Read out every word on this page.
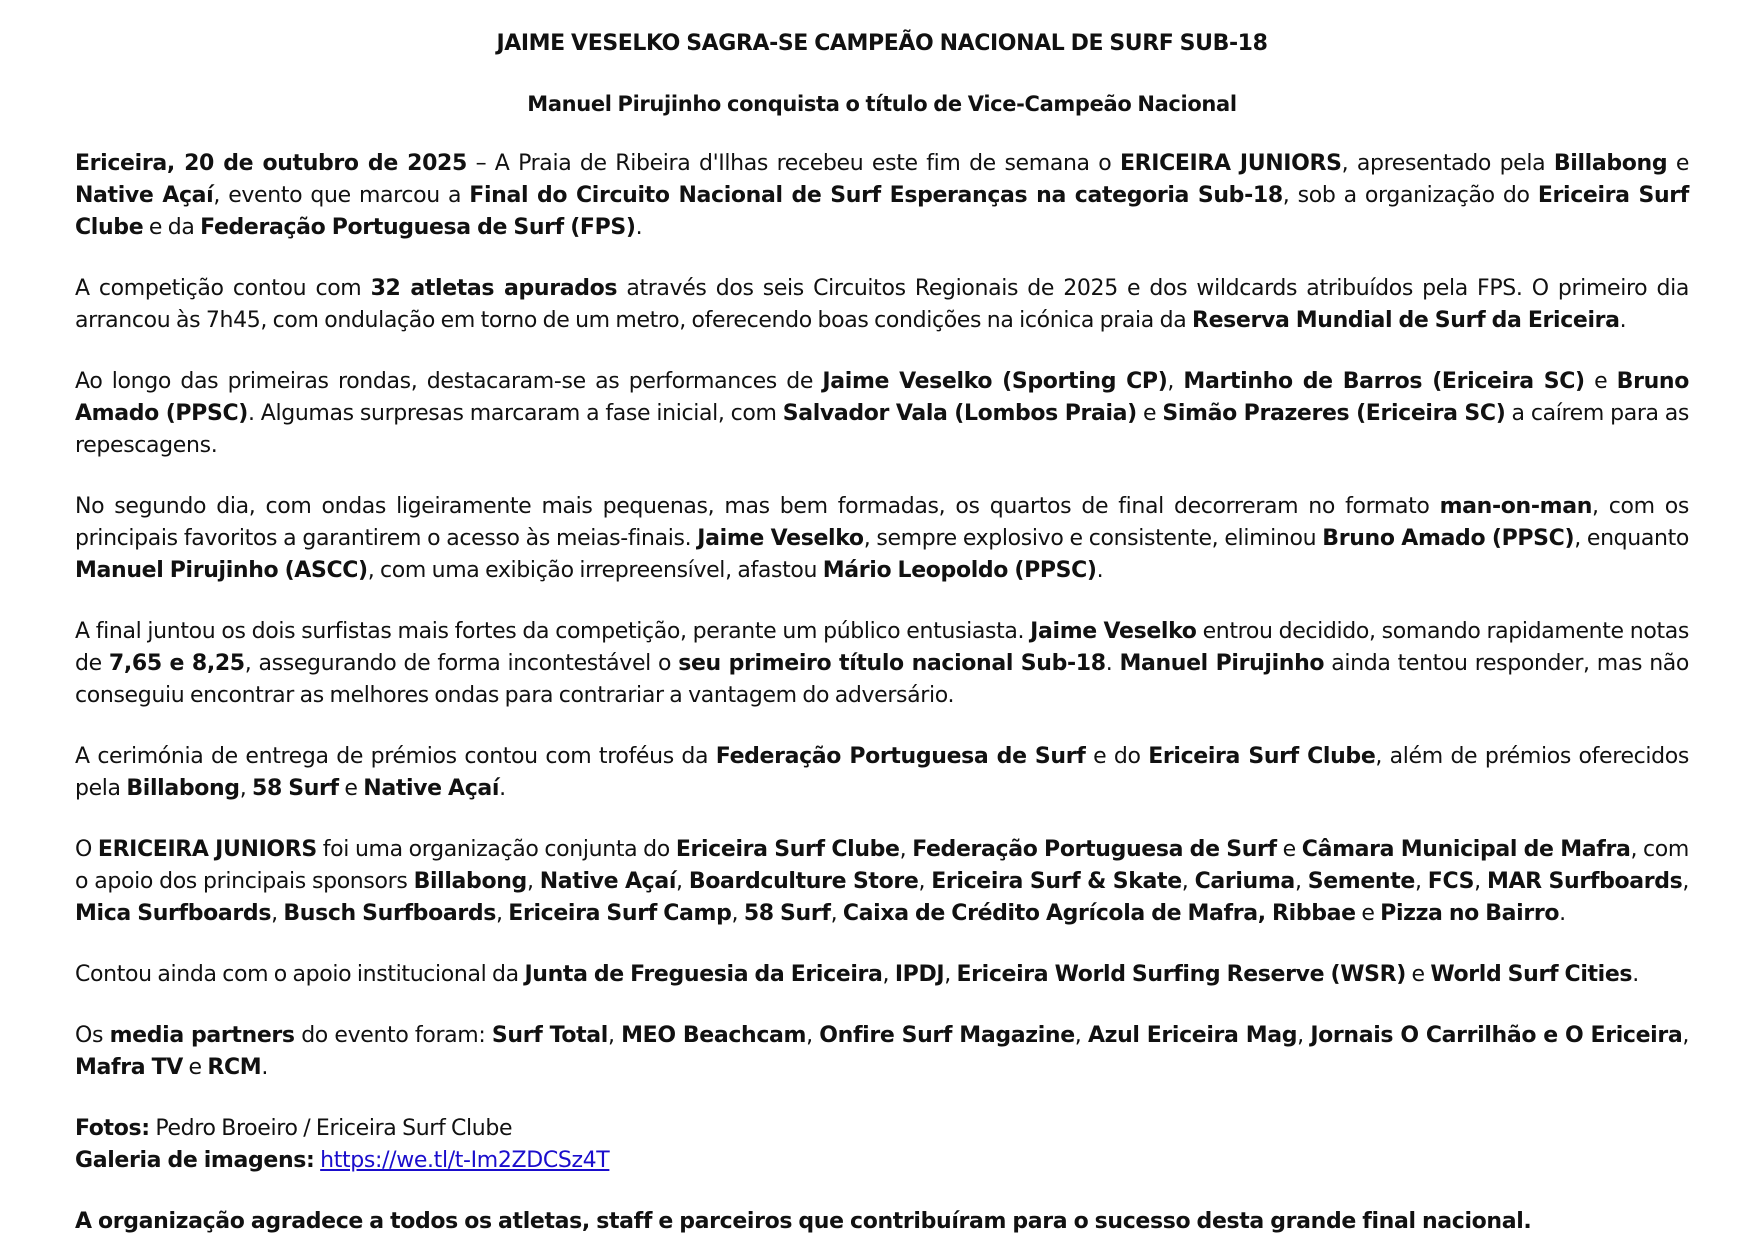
JAIME VESELKO SAGRA-SE CAMPEÃO NACIONAL DE SURF SUB-18
Manuel Pirujinho conquista o título de Vice-Campeão Nacional

Ericeira, 20 de outubro de 2025 – A Praia de Ribeira d'Ilhas recebeu este fim de semana o ERICEIRA JUNIORS, apresentado pela Billabong e Native Açaí, evento que marcou a Final do Circuito Nacional de Surf Esperanças na categoria Sub-18, sob a organização do Ericeira Surf Clube e da Federação Portuguesa de Surf (FPS).

A competição contou com 32 atletas apurados através dos seis Circuitos Regionais de 2025 e dos wildcards atribuídos pela FPS. O primeiro dia arrancou às 7h45, com ondulação em torno de um metro, oferecendo boas condições na icónica praia da Reserva Mundial de Surf da Ericeira.

Ao longo das primeiras rondas, destacaram-se as performances de Jaime Veselko (Sporting CP), Martinho de Barros (Ericeira SC) e Bruno Amado (PPSC). Algumas surpresas marcaram a fase inicial, com Salvador Vala (Lombos Praia) e Simão Prazeres (Ericeira SC) a caírem para as repescagens.

No segundo dia, com ondas ligeiramente mais pequenas, mas bem formadas, os quartos de final decorreram no formato man-on-man, com os principais favoritos a garantirem o acesso às meias-finais. Jaime Veselko, sempre explosivo e consistente, eliminou Bruno Amado (PPSC), enquanto Manuel Pirujinho (ASCC), com uma exibição irrepreensível, afastou Mário Leopoldo (PPSC).

A final juntou os dois surfistas mais fortes da competição, perante um público entusiasta. Jaime Veselko entrou decidido, somando rapidamente notas de 7,65 e 8,25, assegurando de forma incontestável o seu primeiro título nacional Sub-18. Manuel Pirujinho ainda tentou responder, mas não conseguiu encontrar as melhores ondas para contrariar a vantagem do adversário.

A cerimónia de entrega de prémios contou com troféus da Federação Portuguesa de Surf e do Ericeira Surf Clube, além de prémios oferecidos pela Billabong, 58 Surf e Native Açaí.

O ERICEIRA JUNIORS foi uma organização conjunta do Ericeira Surf Clube, Federação Portuguesa de Surf e Câmara Municipal de Mafra, com o apoio dos principais sponsors Billabong, Native Açaí, Boardculture Store, Ericeira Surf & Skate, Cariuma, Semente, FCS, MAR Surfboards, Mica Surfboards, Busch Surfboards, Ericeira Surf Camp, 58 Surf, Caixa de Crédito Agrícola de Mafra, Ribbae e Pizza no Bairro.

Contou ainda com o apoio institucional da Junta de Freguesia da Ericeira, IPDJ, Ericeira World Surfing Reserve (WSR) e World Surf Cities.

Os media partners do evento foram: Surf Total, MEO Beachcam, Onfire Surf Magazine, Azul Ericeira Mag, Jornais O Carrilhão e O Ericeira, Mafra TV e RCM.

Fotos: Pedro Broeiro / Ericeira Surf Clube
Galeria de imagens: https://we.tl/t-Im2ZDCSz4T

A organização agradece a todos os atletas, staff e parceiros que contribuíram para o sucesso desta grande final nacional.
